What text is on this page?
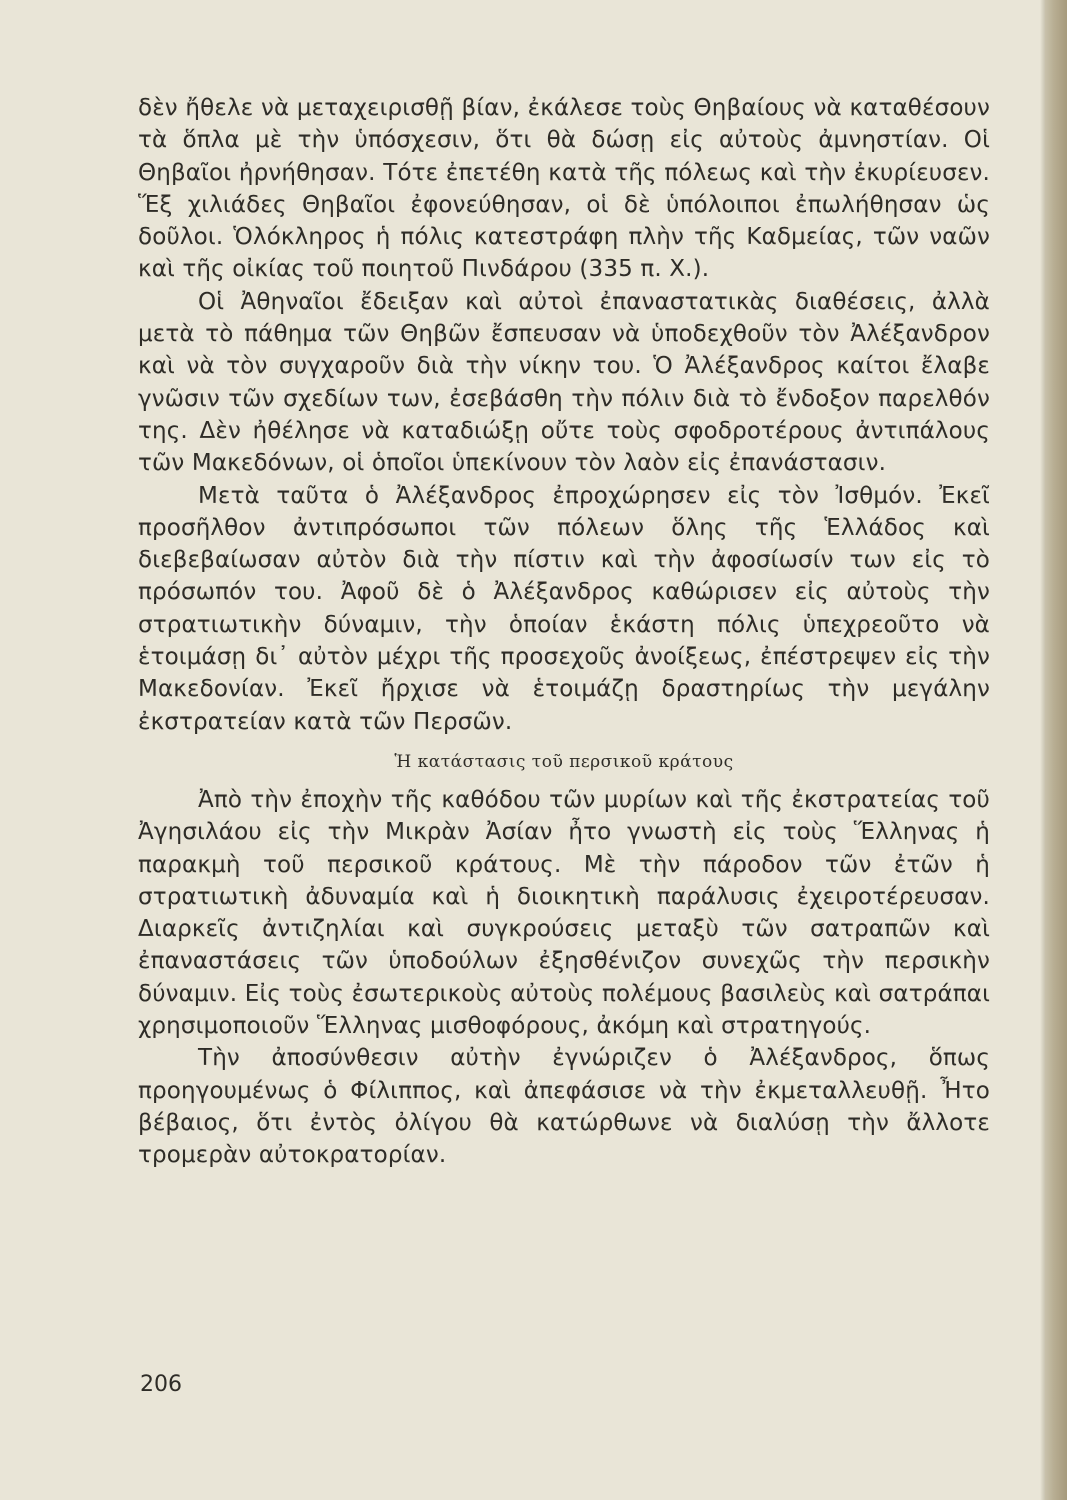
δὲν ἤθελε νὰ μεταχειρισθῇ βίαν, ἐκάλεσε τοὺς Θηβαίους νὰ καταθέσουν τὰ ὅπλα μὲ τὴν ὑπόσχεσιν, ὅτι θὰ δώσῃ εἰς αὐτοὺς ἀμνηστίαν. Οἱ Θηβαῖοι ἠρνήθησαν. Τότε ἐπετέθη κατὰ τῆς πόλεως καὶ τὴν ἐκυρίευσεν. Ἕξ χιλιάδες Θηβαῖοι ἐφονεύθησαν, οἱ δὲ ὑπόλοιποι ἐπωλήθησαν ὡς δοῦλοι. Ὁλόκληρος ἡ πόλις κατεστράφη πλὴν τῆς Καδμείας, τῶν ναῶν καὶ τῆς οἰκίας τοῦ ποιητοῦ Πινδάρου (335 π. Χ.).

Οἱ Ἀθηναῖοι ἔδειξαν καὶ αὐτοὶ ἐπαναστατικὰς διαθέσεις, ἀλλὰ μετὰ τὸ πάθημα τῶν Θηβῶν ἔσπευσαν νὰ ὑποδεχθοῦν τὸν Ἀλέξανδρον καὶ νὰ τὸν συγχαροῦν διὰ τὴν νίκην του. Ὁ Ἀλέξανδρος καίτοι ἔλαβε γνῶσιν τῶν σχεδίων των, ἐσεβάσθη τὴν πόλιν διὰ τὸ ἔνδοξον παρελθόν της. Δὲν ἠθέλησε νὰ καταδιώξῃ οὔτε τοὺς σφοδροτέρους ἀντιπάλους τῶν Μακεδόνων, οἱ ὁποῖοι ὑπεκίνουν τὸν λαὸν εἰς ἐπανάστασιν.

Μετὰ ταῦτα ὁ Ἀλέξανδρος ἐπροχώρησεν εἰς τὸν Ἰσθμόν. Ἐκεῖ προσῆλθον ἀντιπρόσωποι τῶν πόλεων ὅλης τῆς Ἑλλάδος καὶ διεβεβαίωσαν αὐτὸν διὰ τὴν πίστιν καὶ τὴν ἀφοσίωσίν των εἰς τὸ πρόσωπόν του. Ἀφοῦ δὲ ὁ Ἀλέξανδρος καθώρισεν εἰς αὐτοὺς τὴν στρατιωτικὴν δύναμιν, τὴν ὁποίαν ἑκάστη πόλις ὑπεχρεοῦτο νὰ ἑτοιμάσῃ δι᾿ αὐτὸν μέχρι τῆς προσεχοῦς ἀνοίξεως, ἐπέστρεψεν εἰς τὴν Μακεδονίαν. Ἐκεῖ ἤρχισε νὰ ἑτοιμάζῃ δραστηρίως τὴν μεγάλην ἐκστρατείαν κατὰ τῶν Περσῶν.

Ἡ κατάστασις τοῦ περσικοῦ κράτους

Ἀπὸ τὴν ἐποχὴν τῆς καθόδου τῶν μυρίων καὶ τῆς ἐκστρατείας τοῦ Ἀγησιλάου εἰς τὴν Μικρὰν Ἀσίαν ἦτο γνωστὴ εἰς τοὺς Ἕλληνας ἡ παρακμὴ τοῦ περσικοῦ κράτους. Μὲ τὴν πάροδον τῶν ἐτῶν ἡ στρατιωτικὴ ἀδυναμία καὶ ἡ διοικητικὴ παράλυσις ἐχειροτέρευσαν. Διαρκεῖς ἀντιζηλίαι καὶ συγκρούσεις μεταξὺ τῶν σατραπῶν καὶ ἐπαναστάσεις τῶν ὑποδούλων ἐξησθένιζον συνεχῶς τὴν περσικὴν δύναμιν. Εἰς τοὺς ἐσωτερικοὺς αὐτοὺς πολέμους βασιλεὺς καὶ σατράπαι χρησιμοποιοῦν Ἕλληνας μισθοφόρους, ἀκόμη καὶ στρατηγούς.

Τὴν ἀποσύνθεσιν αὐτὴν ἐγνώριζεν ὁ Ἀλέξανδρος, ὅπως προηγουμένως ὁ Φίλιππος, καὶ ἀπεφάσισε νὰ τὴν ἐκμεταλλευθῇ. Ἦτο βέβαιος, ὅτι ἐντὸς ὀλίγου θὰ κατώρθωνε νὰ διαλύσῃ τὴν ἄλλοτε τρομερὰν αὐτοκρατορίαν.

206
